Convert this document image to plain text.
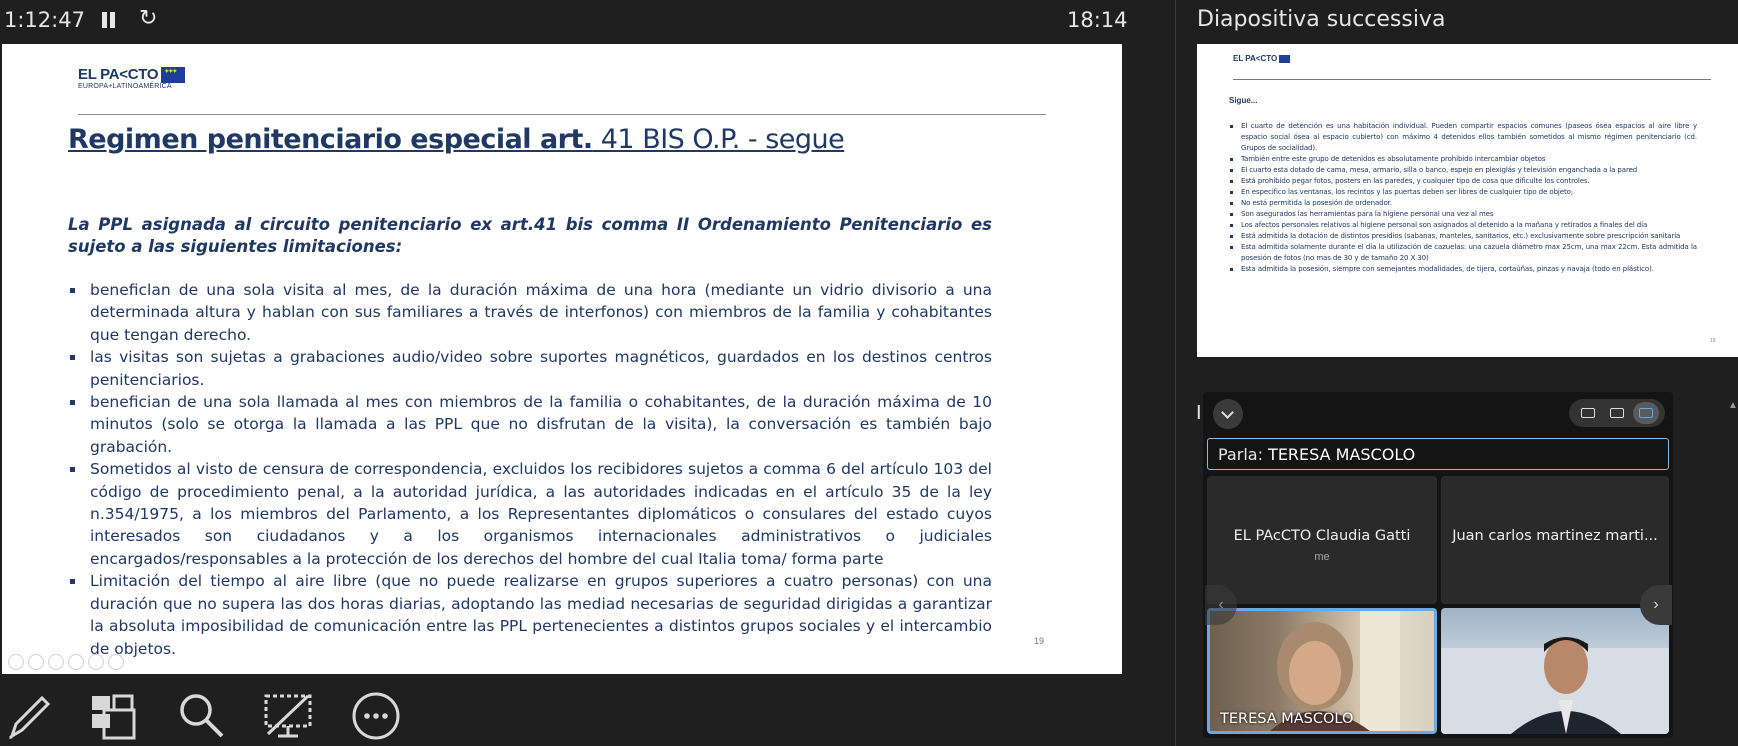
1:12:47 ↻	18:14	Diapositiva successiva
EL PA<CTO
✦✦✦
EUROPA+LATINOAMÉRICA
Regimen penitenciario especial art. 41 BIS O.P. - segue
La PPL asignada al circuito penitenciario ex art.41 bis comma II Ordenamiento Penitenciario es sujeto a las siguientes limitaciones:
beneficlan de una sola visita al mes, de la duración máxima de una hora (mediante un vidrio divisorio a una determinada altura y hablan con sus familiares a través de interfonos) con miembros de la familia y cohabitantes que tengan derecho.
las visitas son sujetas a grabaciones audio/video sobre suportes magnéticos, guardados en los destinos centros penitenciarios.
benefician de una sola llamada al mes con miembros de la familia o cohabitantes, de la duración máxima de 10 minutos (solo se otorga la llamada a las PPL que no disfrutan de la visita), la conversación es también bajo grabación.
Sometidos al visto de censura de correspondencia, excluidos los recibidores sujetos a comma 6 del artículo 103 del código de procedimiento penal, a la autoridad jurídica, a las autoridades indicadas en el artículo 35 de la ley n.354/1975, a los miembros del Parlamento, a los Representantes diplomáticos o consulares del estado cuyos interesados son ciudadanos y a los organismos internacionales administrativos o judiciales encargados/responsables a la protección de los derechos del hombre del cual Italia toma/ forma parte
Limitación del tiempo al aire libre (que no puede realizarse en grupos superiores a cuatro personas) con una duración que no supera las dos horas diarias, adoptando las mediad necesarias de seguridad dirigidas a garantizar la absoluta imposibilidad de comunicación entre las PPL pertenecientes a distintos grupos sociales y el intercambio de objetos.	19
EL PA<CTO
Sigue...
El cuarto de detención es una habitación individual. Pueden compartir espacios comunes (paseos ósea espacios al aire libre y espacio social ósea al espacio cubierto) con máximo 4 detenidos ellos también sometidos al mismo régimen penitenciario (cd. Grupos de socialidad).
También entre este grupo de detenidos es absolutamente prohibido intercambiar objetos
El cuarto esta dotado de cama, mesa, armario, silla o banco, espejo en plexiglás y televisión enganchada a la pared
Está prohibido pegar fotos, posters en las paredes, y cualquier tipo de cosa que dificulte los controles.
En especifico las ventanas, los recintos y las puertas deben ser libres de cualquier tipo de objeto;
No está permitida la posesión de ordenador.
Son asegurados las herramientas para la higiene personal una vez al mes
Los afectos personales relativos al higiene personal son asignados al detenido a la mañana y retirados a finales del día
Está admitida la dotación de distintos presidios (sabanas, manteles, sanitarios, etc.) exclusivamente sobre prescripción sanitaria
Esta admitida solamente durante el día la utilización de cazuelas: una cazuela diámetro max 25cm, una max 22cm. Esta admitida la posesión de fotos (no mas de 30 y de tamaño 20 X 30)
Esta admitida la posesión, siempre con semejantes modalidades, de tijera, cortaúñas, pinzas y navaja (todo en plástico).
19
I	▲
Parla: TERESA MASCOLO
EL PAcCTO Claudia Gatti
me
Juan carlos martinez marti...
TERESA MASCOLO
‹	›
